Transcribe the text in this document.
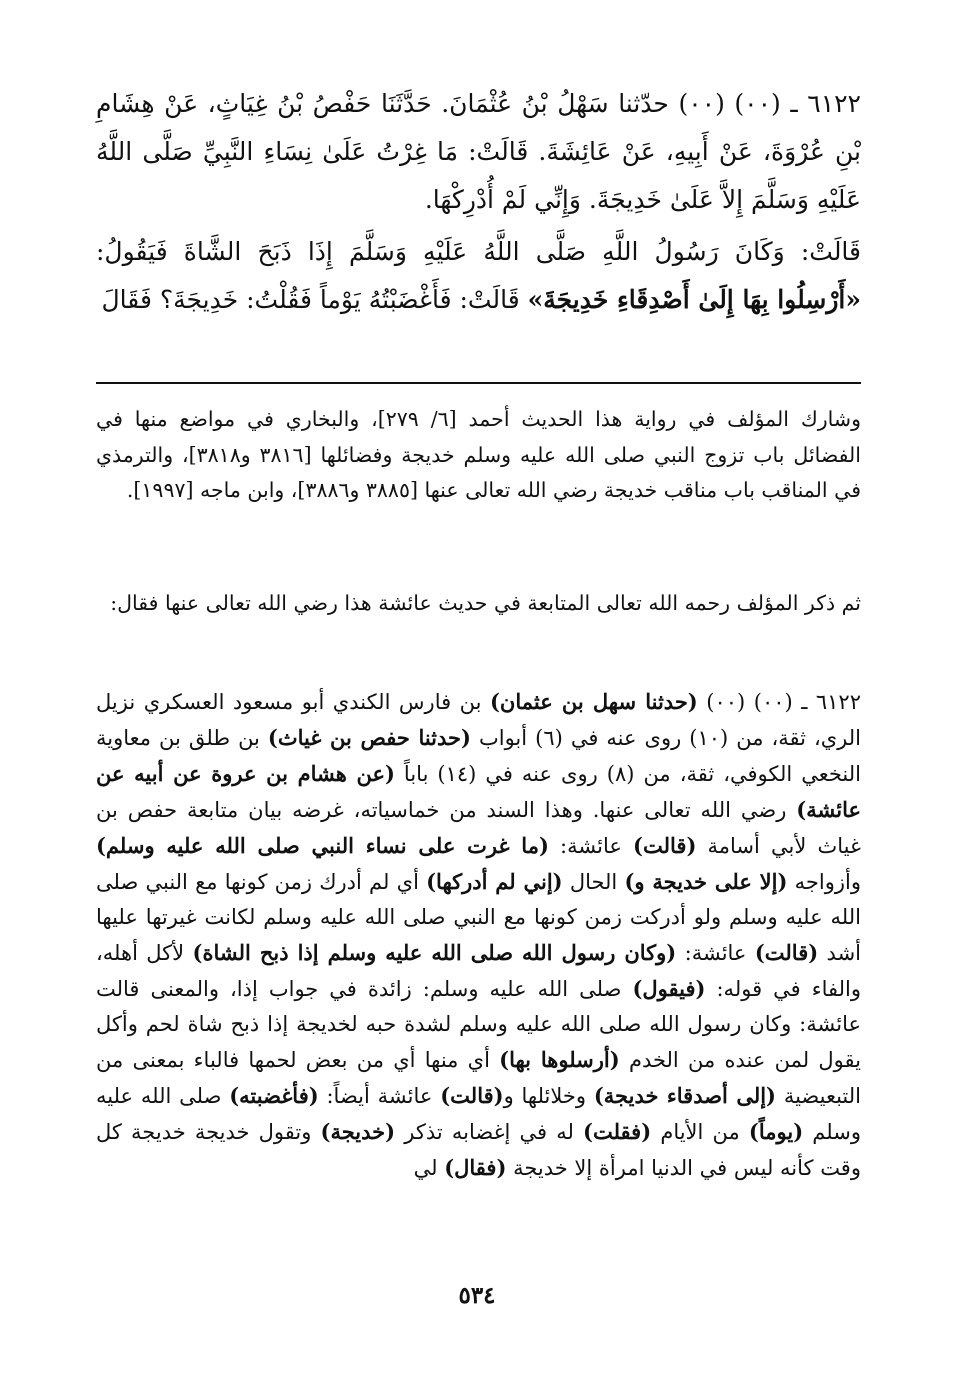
٦١٢٢ ـ (٠٠) (٠٠) حدّثنا سَهْلُ بْنُ عُثْمَانَ. حَدَّثَنَا حَفْصُ بْنُ غِيَاثٍ، عَنْ هِشَامِ بْنِ عُرْوَةَ، عَنْ أَبِيهِ، عَنْ عَائِشَةَ. قَالَتْ: مَا غِرْتُ عَلَىٰ نِسَاءِ النَّبِيِّ صَلَّى اللَّهُ عَلَيْهِ وَسَلَّمَ إِلاَّ عَلَىٰ خَدِيجَةَ. وَإِنِّي لَمْ أُدْرِكْهَا.

قَالَتْ: وَكَانَ رَسُولُ اللَّهِ صَلَّى اللَّهُ عَلَيْهِ وَسَلَّمَ إِذَا ذَبَحَ الشَّاةَ فَيَقُولُ: «أَرْسِلُوا بِهَا إِلَىٰ أَصْدِقَاءِ خَدِيجَةَ» قَالَتْ: فَأَغْضَبْتُهُ يَوْماً فَقُلْتُ: خَدِيجَةَ؟ فَقَالَ

وشارك المؤلف في رواية هذا الحديث أحمد [٦/ ٢٧٩]، والبخاري في مواضع منها في الفضائل باب تزوج النبي صلى الله عليه وسلم خديجة وفضائلها [٣٨١٦ و٣٨١٨]، والترمذي في المناقب باب مناقب خديجة رضي الله تعالى عنها [٣٨٨٥ و٣٨٨٦]، وابن ماجه [١٩٩٧].

ثم ذكر المؤلف رحمه الله تعالى المتابعة في حديث عائشة هذا رضي الله تعالى عنها فقال:

٦١٢٢ ـ (٠٠) (٠٠) (حدثنا سهل بن عثمان) بن فارس الكندي أبو مسعود العسكري نزيل الري، ثقة، من (١٠) روى عنه في (٦) أبواب (حدثنا حفص بن غياث) بن طلق بن معاوية النخعي الكوفي، ثقة، من (٨) روى عنه في (١٤) باباً (عن هشام بن عروة عن أبيه عن عائشة) رضي الله تعالى عنها. وهذا السند من خماسياته، غرضه بيان متابعة حفص بن غياث لأبي أسامة (قالت) عائشة: (ما غرت على نساء النبي صلى الله عليه وسلم) وأزواجه (إلا على خديجة و) الحال (إني لم أدركها) أي لم أدرك زمن كونها مع النبي صلى الله عليه وسلم ولو أدركت زمن كونها مع النبي صلى الله عليه وسلم لكانت غيرتها عليها أشد (قالت) عائشة: (وكان رسول الله صلى الله عليه وسلم إذا ذبح الشاة) لأكل أهله، والفاء في قوله: (فيقول) صلى الله عليه وسلم: زائدة في جواب إذا، والمعنى قالت عائشة: وكان رسول الله صلى الله عليه وسلم لشدة حبه لخديجة إذا ذبح شاة لحم وأكل يقول لمن عنده من الخدم (أرسلوها بها) أي منها أي من بعض لحمها فالباء بمعنى من التبعيضية (إلى أصدقاء خديجة) وخلائلها و(قالت) عائشة أيضاً: (فأغضبته) صلى الله عليه وسلم (يوماً) من الأيام (فقلت) له في إغضابه تذكر (خديجة) وتقول خديجة خديجة كل وقت كأنه ليس في الدنيا امرأة إلا خديجة (فقال) لي

٥٣٤
